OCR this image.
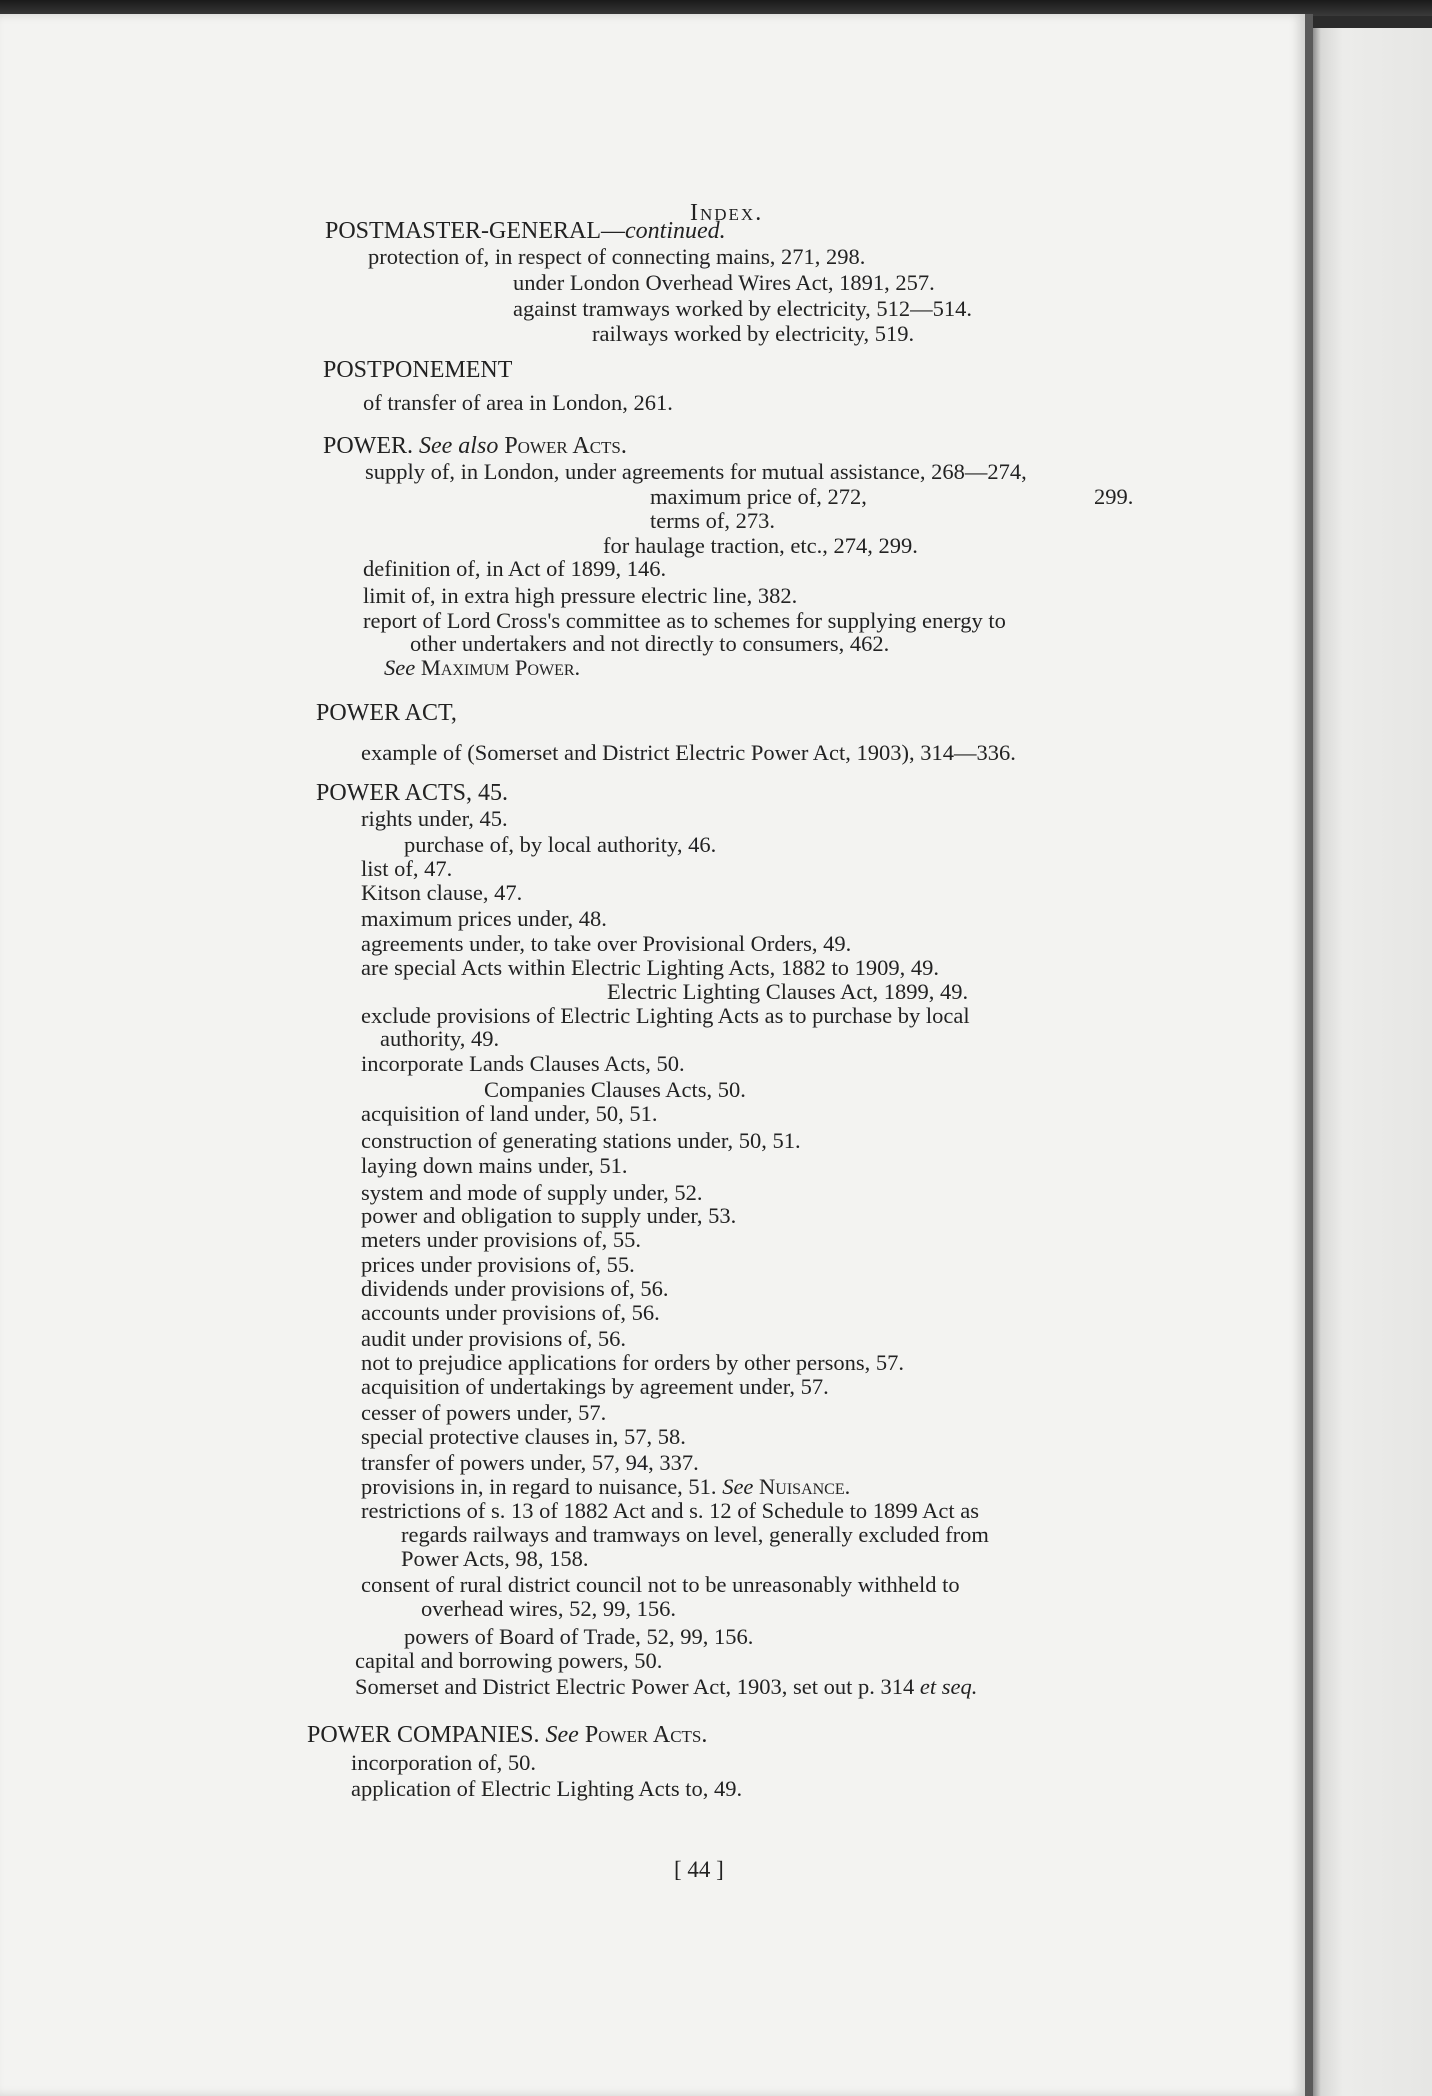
Index.
POSTMASTER-GENERAL—continued.
protection of, in respect of connecting mains, 271, 298.
under London Overhead Wires Act, 1891, 257.
against tramways worked by electricity, 512—514.
railways worked by electricity, 519.
POSTPONEMENT
of transfer of area in London, 261.
POWER. See also Power Acts.
supply of, in London, under agreements for mutual assistance, 268—274,
maximum price of, 272,	299.
terms of, 273.
for haulage traction, etc., 274, 299.
definition of, in Act of 1899, 146.
limit of, in extra high pressure electric line, 382.
report of Lord Cross's committee as to schemes for supplying energy to
other undertakers and not directly to consumers, 462.
See Maximum Power.
POWER ACT,
example of (Somerset and District Electric Power Act, 1903), 314—336.
POWER ACTS, 45.
rights under, 45.
purchase of, by local authority, 46.
list of, 47.
Kitson clause, 47.
maximum prices under, 48.
agreements under, to take over Provisional Orders, 49.
are special Acts within Electric Lighting Acts, 1882 to 1909, 49.
Electric Lighting Clauses Act, 1899, 49.
exclude provisions of Electric Lighting Acts as to purchase by local
authority, 49.
incorporate Lands Clauses Acts, 50.
Companies Clauses Acts, 50.
acquisition of land under, 50, 51.
construction of generating stations under, 50, 51.
laying down mains under, 51.
system and mode of supply under, 52.
power and obligation to supply under, 53.
meters under provisions of, 55.
prices under provisions of, 55.
dividends under provisions of, 56.
accounts under provisions of, 56.
audit under provisions of, 56.
not to prejudice applications for orders by other persons, 57.
acquisition of undertakings by agreement under, 57.
cesser of powers under, 57.
special protective clauses in, 57, 58.
transfer of powers under, 57, 94, 337.
provisions in, in regard to nuisance, 51. See Nuisance.
restrictions of s. 13 of 1882 Act and s. 12 of Schedule to 1899 Act as
regards railways and tramways on level, generally excluded from
Power Acts, 98, 158.
consent of rural district council not to be unreasonably withheld to
overhead wires, 52, 99, 156.
powers of Board of Trade, 52, 99, 156.
capital and borrowing powers, 50.
Somerset and District Electric Power Act, 1903, set out p. 314 et seq.
POWER COMPANIES. See Power Acts.
incorporation of, 50.
application of Electric Lighting Acts to, 49.
[ 44 ]
